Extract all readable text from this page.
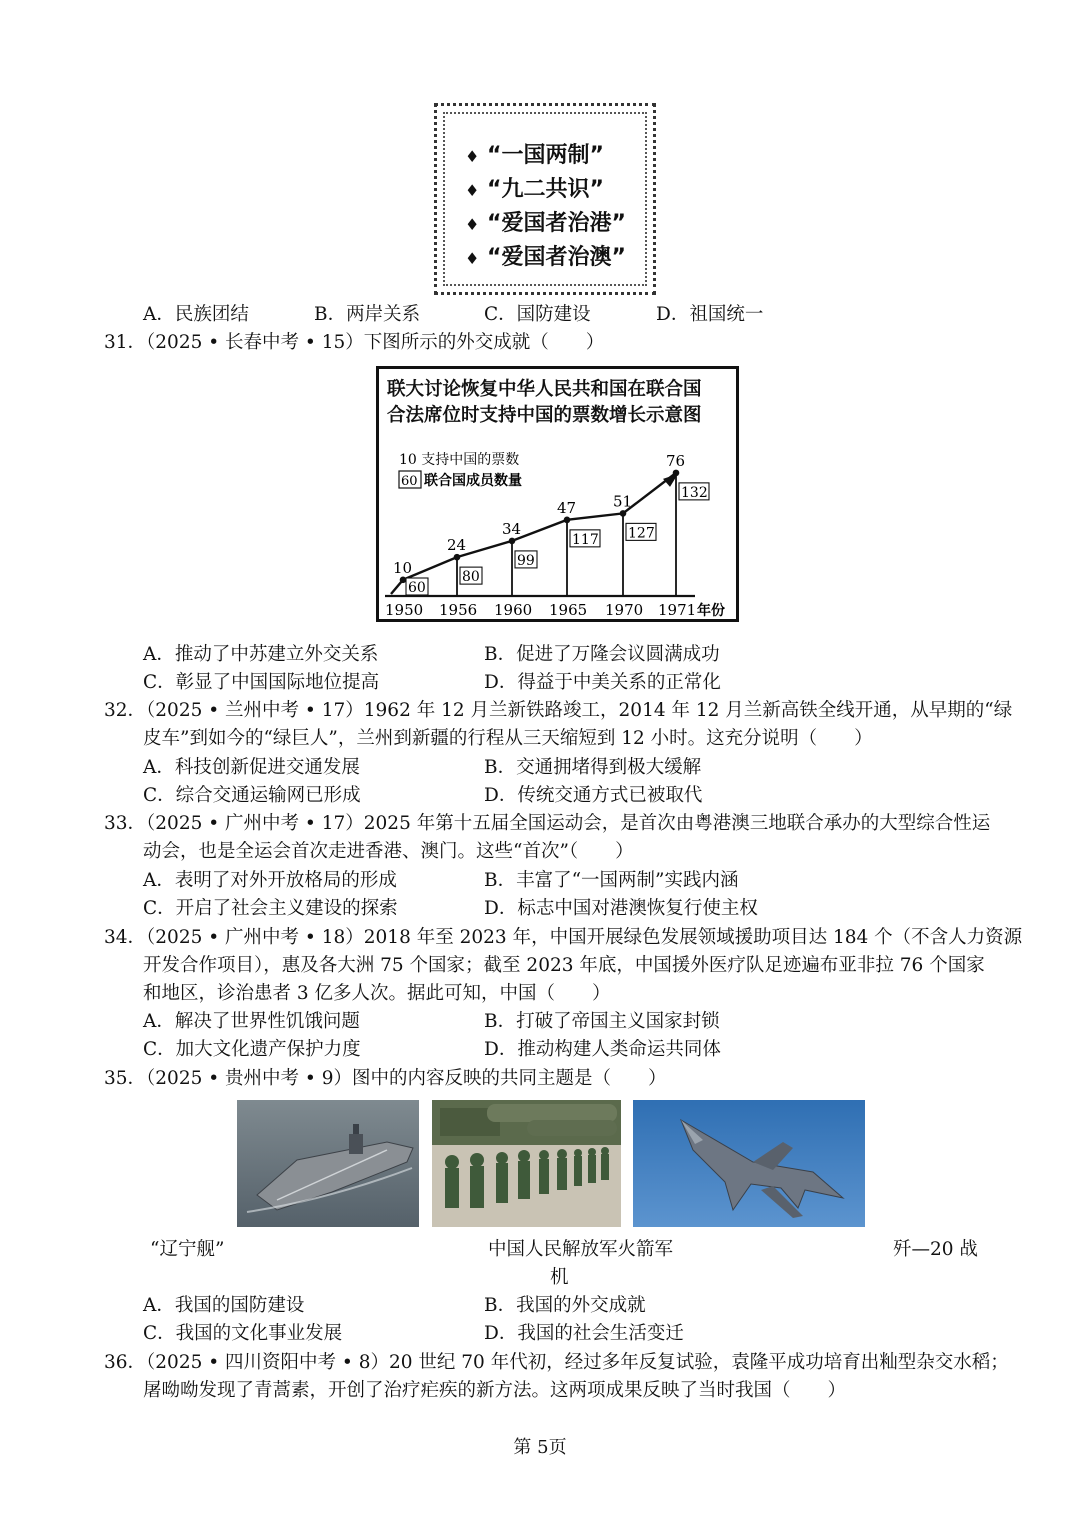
♦ “一国两制”
♦ “九二共识”
♦ “爱国者治港”
♦ “爱国者治澳”
A．民族团结	B．两岸关系	C．国防建设	D．祖国统一
31．（2025 • 长春中考 • 15）下图所示的外交成就（　　）
联大讨论恢复中华人民共和国在联合国
合法席位时支持中国的票数增长示意图
10 支持中国的票数
60 联合国成员数量
10
60
1950
24
80
1956
34
99
1960
47
117
1965
51
127
1970
76
132
1971 年份
A．推动了中苏建立外交关系	B．促进了万隆会议圆满成功
C．彰显了中国国际地位提高	D．得益于中美关系的正常化
32．（2025 • 兰州中考 • 17）1962 年 12 月兰新铁路竣工，2014 年 12 月兰新高铁全线开通，从早期的“绿
皮车”到如今的“绿巨人”，兰州到新疆的行程从三天缩短到 12 小时。这充分说明（　　）
A．科技创新促进交通发展	B．交通拥堵得到极大缓解
C．综合交通运输网已形成	D．传统交通方式已被取代
33．（2025 • 广州中考 • 17）2025 年第十五届全国运动会，是首次由粤港澳三地联合承办的大型综合性运
动会，也是全运会首次走进香港、澳门。这些“首次”（　　）
A．表明了对外开放格局的形成	B．丰富了“一国两制”实践内涵
C．开启了社会主义建设的探索	D．标志中国对港澳恢复行使主权
34．（2025 • 广州中考 • 18）2018 年至 2023 年，中国开展绿色发展领域援助项目达 184 个（不含人力资源
开发合作项目），惠及各大洲 75 个国家；截至 2023 年底，中国援外医疗队足迹遍布亚非拉 76 个国家
和地区，诊治患者 3 亿多人次。据此可知，中国（　　）
A．解决了世界性饥饿问题	B．打破了帝国主义国家封锁
C．加大文化遗产保护力度	D．推动构建人类命运共同体
35．（2025 • 贵州中考 • 9）图中的内容反映的共同主题是（　　）
“辽宁舰”	中国人民解放军火箭军
机
歼—20 战
A．我国的国防建设	B．我国的外交成就
C．我国的文化事业发展	D．我国的社会生活变迁
36．（2025 • 四川资阳中考 • 8）20 世纪 70 年代初，经过多年反复试验，袁隆平成功培育出籼型杂交水稻；
屠呦呦发现了青蒿素，开创了治疗疟疾的新方法。这两项成果反映了当时我国（　　）
第 5页
